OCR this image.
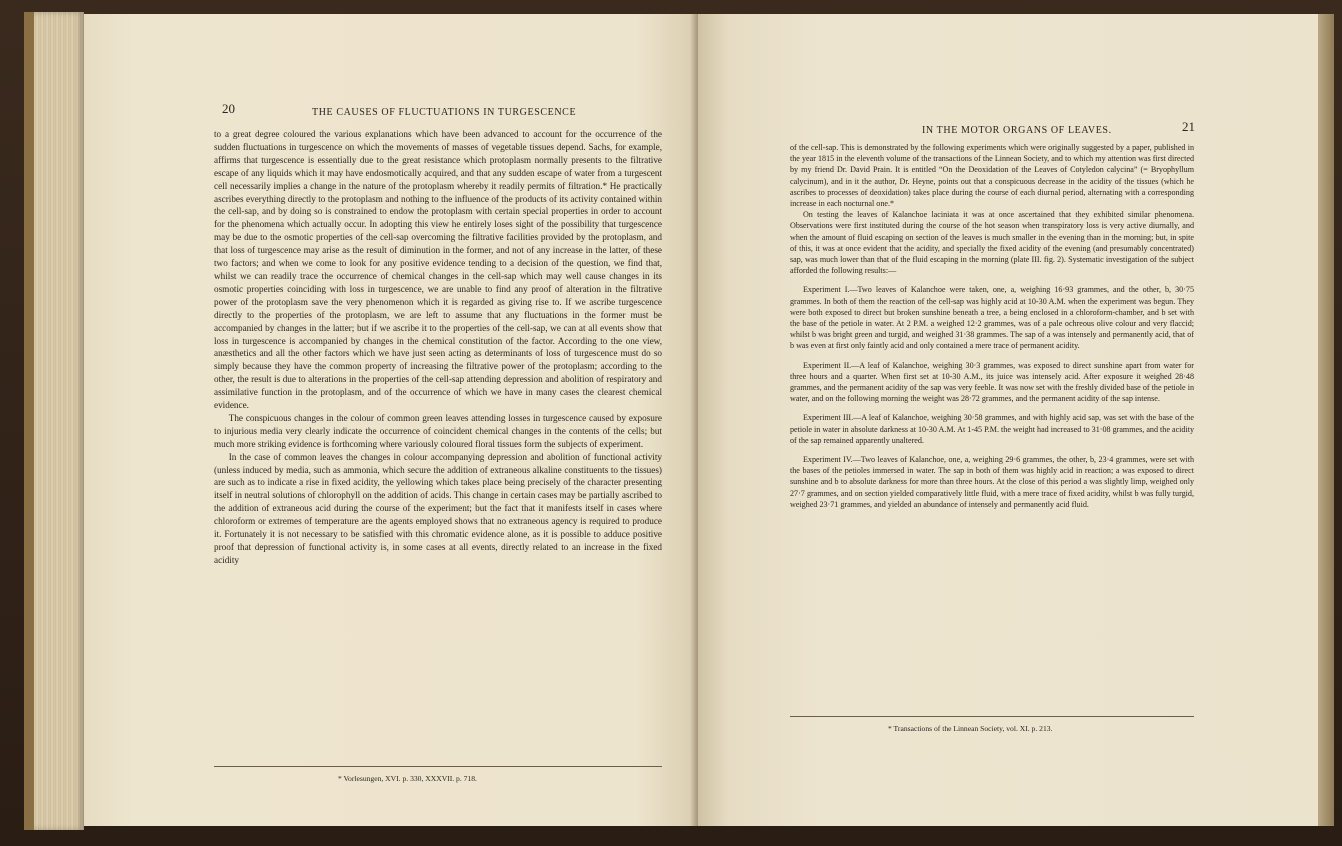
20	THE CAUSES OF FLUCTUATIONS IN TURGESCENCE

to a great degree coloured the various explanations which have been advanced to account for the occurrence of the sudden fluctuations in turgescence on which the movements of masses of vegetable tissues depend. Sachs, for example, affirms that turgescence is essentially due to the great resistance which protoplasm normally presents to the filtrative escape of any liquids which it may have endosmotically acquired, and that any sudden escape of water from a turgescent cell necessarily implies a change in the nature of the protoplasm whereby it readily permits of filtration.* He practically ascribes everything directly to the protoplasm and nothing to the influence of the products of its activity contained within the cell-sap, and by doing so is constrained to endow the protoplasm with certain special properties in order to account for the phenomena which actually occur. In adopting this view he entirely loses sight of the possibility that turgescence may be due to the osmotic properties of the cell-sap overcoming the filtrative facilities provided by the protoplasm, and that loss of turgescence may arise as the result of diminution in the former, and not of any increase in the latter, of these two factors; and when we come to look for any positive evidence tending to a decision of the question, we find that, whilst we can readily trace the occurrence of chemical changes in the cell-sap which may well cause changes in its osmotic properties coinciding with loss in turgescence, we are unable to find any proof of alteration in the filtrative power of the protoplasm save the very phenomenon which it is regarded as giving rise to. If we ascribe turgescence directly to the properties of the protoplasm, we are left to assume that any fluctuations in the former must be accompanied by changes in the latter; but if we ascribe it to the properties of the cell-sap, we can at all events show that loss in turgescence is accompanied by changes in the chemical constitution of the factor. According to the one view, anæsthetics and all the other factors which we have just seen acting as determinants of loss of turgescence must do so simply because they have the common property of increasing the filtrative power of the protoplasm; according to the other, the result is due to alterations in the properties of the cell-sap attending depression and abolition of respiratory and assimilative function in the protoplasm, and of the occurrence of which we have in many cases the clearest chemical evidence.

The conspicuous changes in the colour of common green leaves attending losses in turgescence caused by exposure to injurious media very clearly indicate the occurrence of coincident chemical changes in the contents of the cells; but much more striking evidence is forthcoming where variously coloured floral tissues form the subjects of experiment.

In the case of common leaves the changes in colour accompanying depression and abolition of functional activity (unless induced by media, such as ammonia, which secure the addition of extraneous alkaline constituents to the tissues) are such as to indicate a rise in fixed acidity, the yellowing which takes place being precisely of the character presenting itself in neutral solutions of chlorophyll on the addition of acids. This change in certain cases may be partially ascribed to the addition of extraneous acid during the course of the experiment; but the fact that it manifests itself in cases where chloroform or extremes of temperature are the agents employed shows that no extraneous agency is required to produce it. Fortunately it is not necessary to be satisfied with this chromatic evidence alone, as it is possible to adduce positive proof that depression of functional activity is, in some cases at all events, directly related to an increase in the fixed acidity

* Vorlesungen, XVI. p. 330, XXXVII. p. 718.
IN THE MOTOR ORGANS OF LEAVES.	21

of the cell-sap. This is demonstrated by the following experiments which were originally suggested by a paper, published in the year 1815 in the eleventh volume of the transactions of the Linnean Society, and to which my attention was first directed by my friend Dr. David Prain. It is entitled “On the Deoxidation of the Leaves of Cotyledon calycina” (= Bryophyllum calycinum), and in it the author, Dr. Heyne, points out that a conspicuous decrease in the acidity of the tissues (which he ascribes to processes of deoxidation) takes place during the course of each diurnal period, alternating with a corresponding increase in each nocturnal one.*

On testing the leaves of Kalanchoe laciniata it was at once ascertained that they exhibited similar phenomena. Observations were first instituted during the course of the hot season when transpiratory loss is very active diurnally, and when the amount of fluid escaping on section of the leaves is much smaller in the evening than in the morning; but, in spite of this, it was at once evident that the acidity, and specially the fixed acidity of the evening (and presumably concentrated) sap, was much lower than that of the fluid escaping in the morning (plate III. fig. 2). Systematic investigation of the subject afforded the following results:—

Experiment I.—Two leaves of Kalanchoe were taken, one, a, weighing 16·93 grammes, and the other, b, 30·75 grammes. In both of them the reaction of the cell-sap was highly acid at 10-30 A.M. when the experiment was begun. They were both exposed to direct but broken sunshine beneath a tree, a being enclosed in a chloroform-chamber, and b set with the base of the petiole in water. At 2 P.M. a weighed 12·2 grammes, was of a pale ochreous olive colour and very flaccid; whilst b was bright green and turgid, and weighed 31·38 grammes. The sap of a was intensely and permanently acid, that of b was even at first only faintly acid and only contained a mere trace of permanent acidity.

Experiment II.—A leaf of Kalanchoe, weighing 30·3 grammes, was exposed to direct sunshine apart from water for three hours and a quarter. When first set at 10-30 A.M., its juice was intensely acid. After exposure it weighed 28·48 grammes, and the permanent acidity of the sap was very feeble. It was now set with the freshly divided base of the petiole in water, and on the following morning the weight was 28·72 grammes, and the permanent acidity of the sap intense.

Experiment III.—A leaf of Kalanchoe, weighing 30·58 grammes, and with highly acid sap, was set with the base of the petiole in water in absolute darkness at 10-30 A.M. At 1-45 P.M. the weight had increased to 31·08 grammes, and the acidity of the sap remained apparently unaltered.

Experiment IV.—Two leaves of Kalanchoe, one, a, weighing 29·6 grammes, the other, b, 23·4 grammes, were set with the bases of the petioles immersed in water. The sap in both of them was highly acid in reaction; a was exposed to direct sunshine and b to absolute darkness for more than three hours. At the close of this period a was slightly limp, weighed only 27·7 grammes, and on section yielded comparatively little fluid, with a mere trace of fixed acidity, whilst b was fully turgid, weighed 23·71 grammes, and yielded an abundance of intensely and permanently acid fluid.

* Transactions of the Linnean Society, vol. XI. p. 213.
